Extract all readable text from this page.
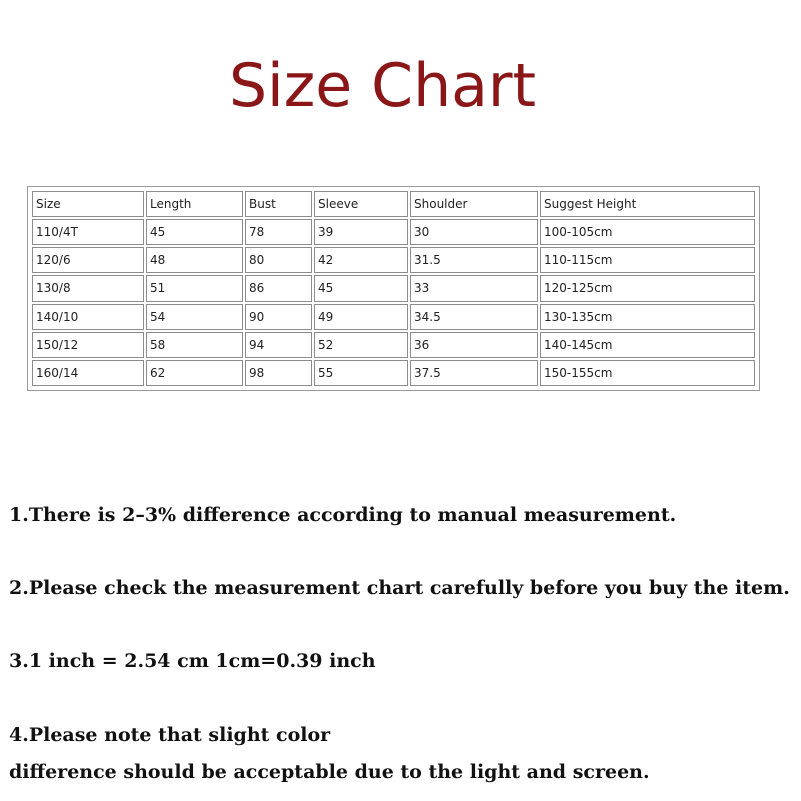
Size Chart
Size	Length	Bust	Sleeve	Shoulder	Suggest Height
110/4T	45	78	39	30	100-105cm
120/6	48	80	42	31.5	110-115cm
130/8	51	86	45	33	120-125cm
140/10	54	90	49	34.5	130-135cm
150/12	58	94	52	36	140-145cm
160/14	62	98	55	37.5	150-155cm
1.There is 2–3% difference according to manual measurement.
2.Please check the measurement chart carefully before you buy the item.
3.1 inch = 2.54 cm 1cm=0.39 inch
4.Please note that slight color
difference should be acceptable due to the light and screen.
